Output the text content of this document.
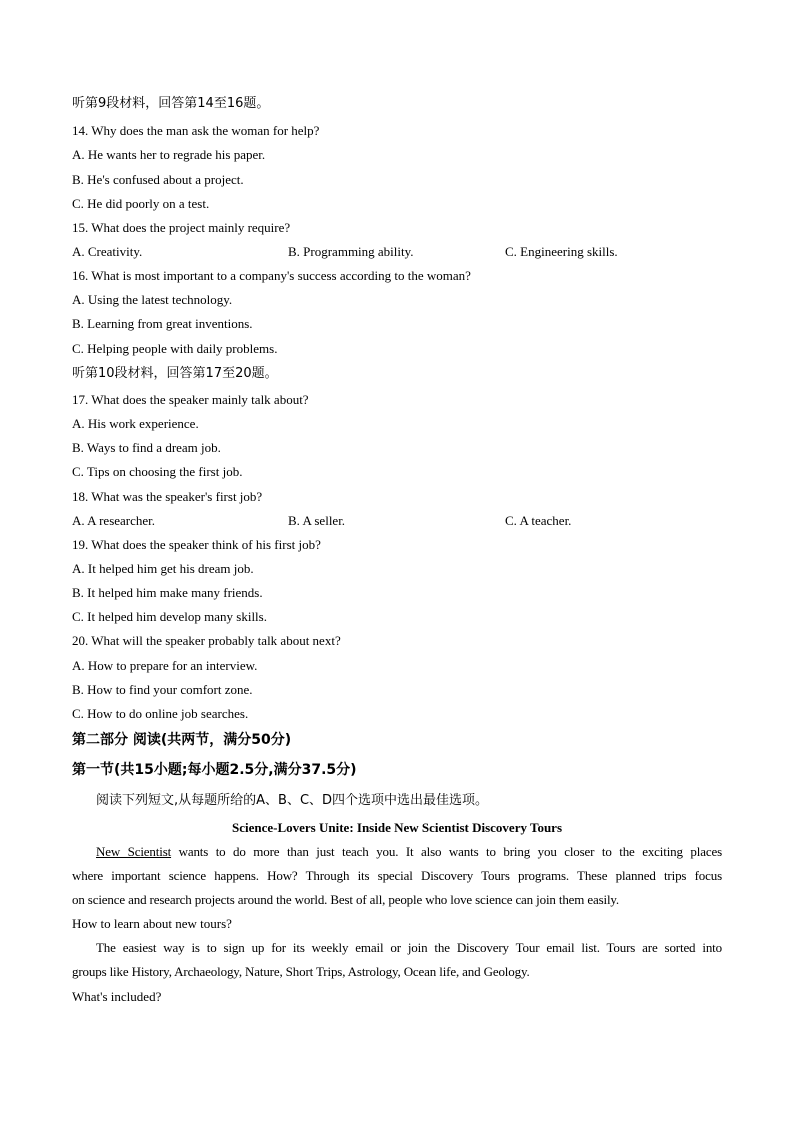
听第9段材料，回答第14至16题。
14. Why does the man ask the woman for help?
A. He wants her to regrade his paper.
B. He's confused about a project.
C. He did poorly on a test.
15. What does the project mainly require?
A. Creativity.	B. Programming ability.	C. Engineering skills.
16. What is most important to a company's success according to the woman?
A. Using the latest technology.
B. Learning from great inventions.
C. Helping people with daily problems.
听第10段材料，回答第17至20题。
17. What does the speaker mainly talk about?
A. His work experience.
B. Ways to find a dream job.
C. Tips on choosing the first job.
18. What was the speaker's first job?
A. A researcher.	B. A seller.	C. A teacher.
19. What does the speaker think of his first job?
A. It helped him get his dream job.
B. It helped him make many friends.
C. It helped him develop many skills.
20. What will the speaker probably talk about next?
A. How to prepare for an interview.
B. How to find your comfort zone.
C. How to do online job searches.
第二部分 阅读(共两节，满分50分)
第一节(共15小题;每小题2.5分,满分37.5分)
阅读下列短文,从每题所给的A、B、C、D四个选项中选出最佳选项。
Science-Lovers Unite: Inside New Scientist Discovery Tours
New Scientist wants to do more than just teach you. It also wants to bring you closer to the exciting places
where important science happens. How? Through its special Discovery Tours programs. These planned trips focus
on science and research projects around the world. Best of all, people who love science can join them easily.
How to learn about new tours?
The easiest way is to sign up for its weekly email or join the Discovery Tour email list. Tours are sorted into
groups like History, Archaeology, Nature, Short Trips, Astrology, Ocean life, and Geology.
What's included?
